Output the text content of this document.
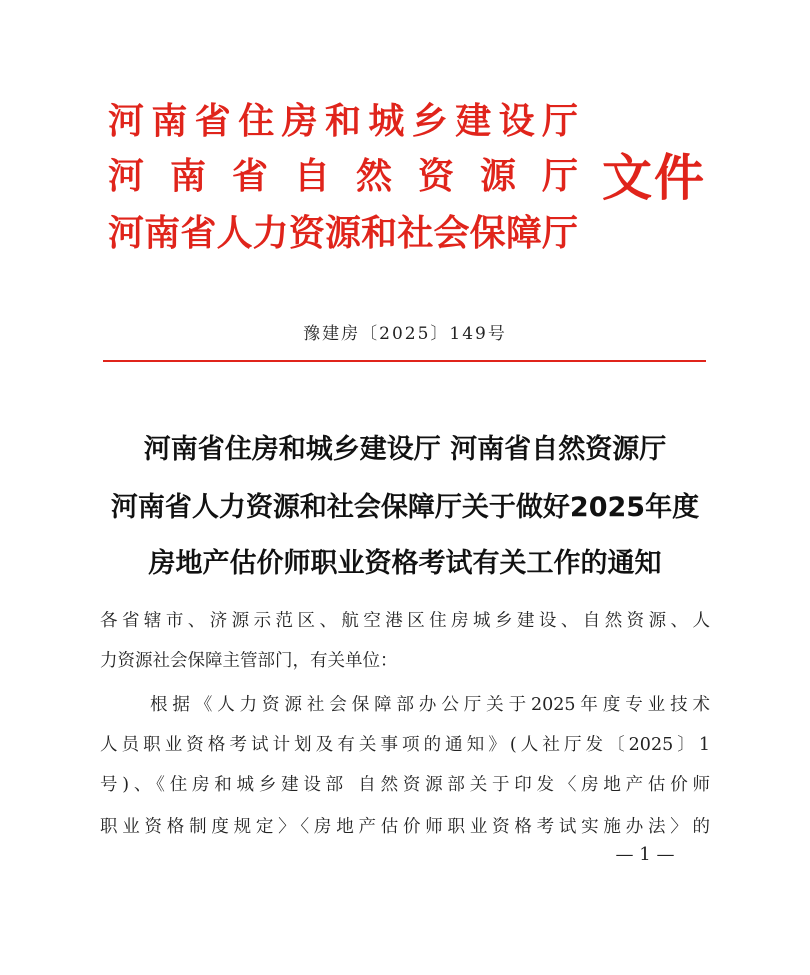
河南省住房和城乡建设厅
河南省自然资源厅
河南省人力资源和社会保障厅
文件
豫建房〔2025〕149号
河南省住房和城乡建设厅 河南省自然资源厅
河南省人力资源和社会保障厅关于做好2025年度
房地产估价师职业资格考试有关工作的通知
各省辖市、济源示范区、航空港区住房城乡建设、自然资源、人
力资源社会保障主管部门，有关单位：
根据《人力资源社会保障部办公厅关于2025年度专业技术
人员职业资格考试计划及有关事项的通知》(人社厅发〔2025〕1
号)、《住房和城乡建设部 自然资源部关于印发〈房地产估价师
职业资格制度规定〉〈房地产估价师职业资格考试实施办法〉的
— 1 —
